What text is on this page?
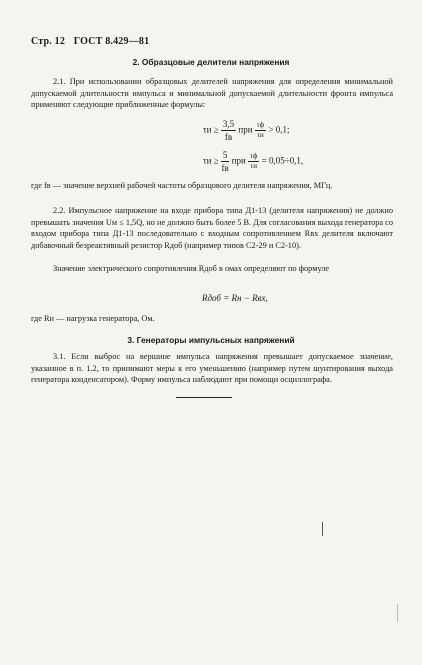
Стр. 12 ГОСТ 8.429—81
2. Образцовые делители напряжения
2.1. При использовании образцовых делителей напряжения для определения минимальной допускаемой длительности импульса и минимальной допускаемой длительности фронта импульса применяют следующие приближенные формулы:
$\tau и \ge \frac{3,5}{fв}$ при $\frac{\tau ф}{\tau и} > 0,1$;
$\tau и \ge \frac{5}{fв}$ при $\frac{\tau ф}{\tau и} = 0,05\div 0,1$,
где fв — значение верхней рабочей частоты образцового делителя напряжения, МГц.
2.2. Импульсное напряжение на входе прибора типа Д1-13 (делителя напряжения) не должно превышать значения Uм ≤ 1,5Q, но не должно быть более 5 В. Для согласования выхода генератора со входом прибора типа Д1-13 последовательно с входным сопротивлением Rвх делителя включают добавочный безреактивный резистор Rдоб (например типов С2-29 и С2-10).
Значение электрического сопротивления Rдоб в омах определяют по формуле
Rдоб = Rн − Rвх,
где Rн — нагрузка генератора, Ом.
3. Генераторы импульсных напряжений
3.1. Если выброс на вершине импульса напряжения превышает допускаемое значение, указанное в п. 1.2, то принимают меры к его уменьшению (например путем шунтирования выхода генератора конденсатором). Форму импульса наблюдают при помощи осциллографа.
